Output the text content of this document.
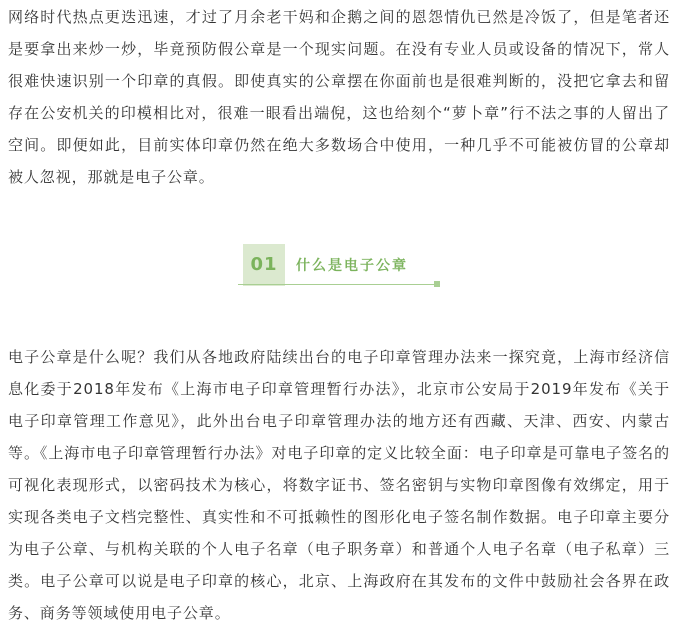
网络时代热点更迭迅速，才过了月余老干妈和企鹅之间的恩怨情仇已然是冷饭了，但是笔者还是要拿出来炒一炒，毕竟预防假公章是一个现实问题。在没有专业人员或设备的情况下，常人很难快速识别一个印章的真假。即使真实的公章摆在你面前也是很难判断的，没把它拿去和留存在公安机关的印模相比对，很难一眼看出端倪，这也给刻个“萝卜章”行不法之事的人留出了空间。即便如此，目前实体印章仍然在绝大多数场合中使用，一种几乎不可能被仿冒的公章却被人忽视，那就是电子公章。

01	什么是电子公章

电子公章是什么呢？我们从各地政府陆续出台的电子印章管理办法来一探究竟，上海市经济信息化委于2018年发布《上海市电子印章管理暂行办法》，北京市公安局于2019年发布《关于电子印章管理工作意见》，此外出台电子印章管理办法的地方还有西藏、天津、西安、内蒙古等。《上海市电子印章管理暂行办法》对电子印章的定义比较全面：电子印章是可靠电子签名的可视化表现形式，以密码技术为核心，将数字证书、签名密钥与实物印章图像有效绑定，用于实现各类电子文档完整性、真实性和不可抵赖性的图形化电子签名制作数据。电子印章主要分为电子公章、与机构关联的个人电子名章（电子职务章）和普通个人电子名章（电子私章）三类。电子公章可以说是电子印章的核心，北京、上海政府在其发布的文件中鼓励社会各界在政务、商务等领域使用电子公章。
